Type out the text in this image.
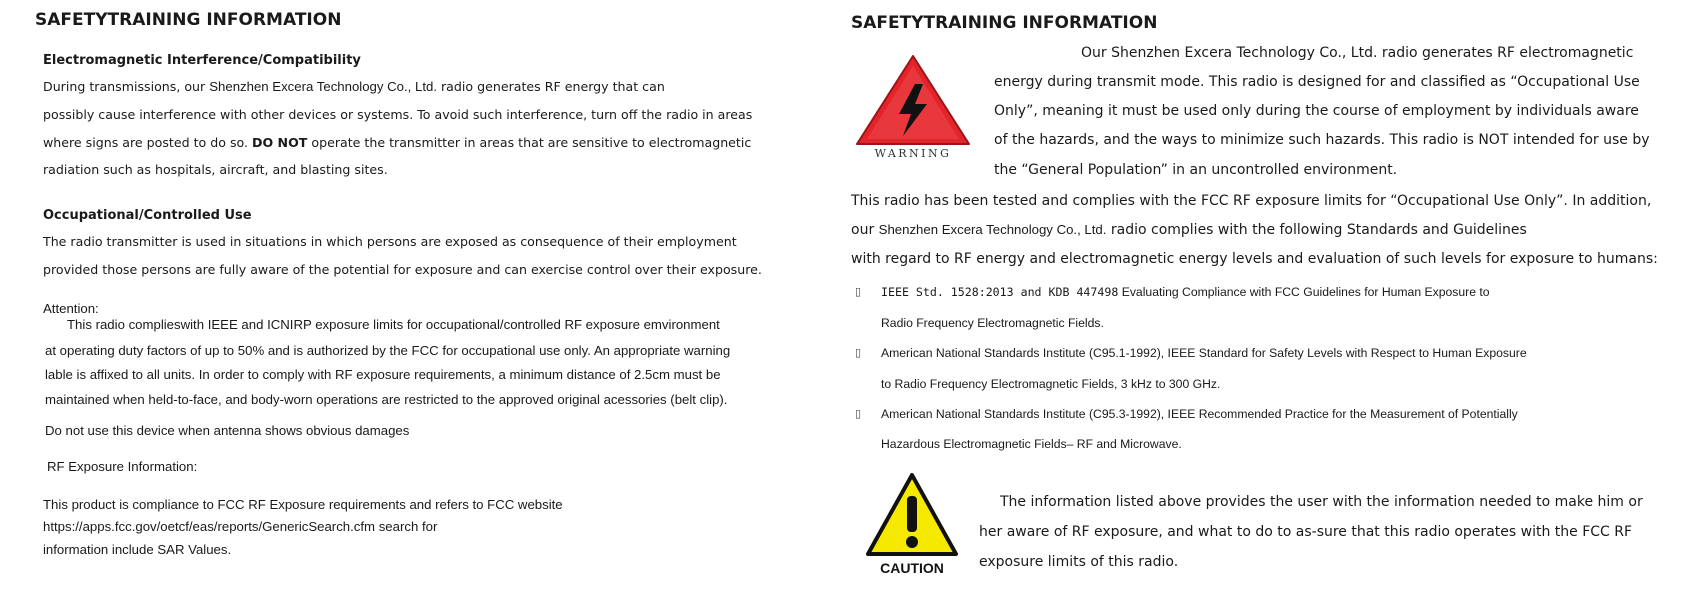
SAFETYTRAINING INFORMATION
Electromagnetic Interference/Compatibility
During transmissions, our Shenzhen Excera Technology Co., Ltd. radio generates RF energy that can
possibly cause interference with other devices or systems. To avoid such interference, turn off the radio in areas
where signs are posted to do so. DO NOT operate the transmitter in areas that are sensitive to electromagnetic
radiation such as hospitals, aircraft, and blasting sites.
Occupational/Controlled Use
The radio transmitter is used in situations in which persons are exposed as consequence of their employment
provided those persons are fully aware of the potential for exposure and can exercise control over their exposure.
Attention:
This radio complieswith IEEE and ICNIRP exposure limits for occupational/controlled RF exposure emvironment
at operating duty factors of up to 50% and is authorized by the FCC for occupational use only. An appropriate warning
lable is affixed to all units. In order to comply with RF exposure requirements, a minimum distance of 2.5cm must be
maintained when held-to-face, and body-worn operations are restricted to the approved original acessories (belt clip).
Do not use this device when antenna shows obvious damages
RF Exposure Information:
This product is compliance to FCC RF Exposure requirements and refers to FCC website
https://apps.fcc.gov/oetcf/eas/reports/GenericSearch.cfm search for
information include SAR Values.
SAFETYTRAINING INFORMATION
WARNING
Our Shenzhen Excera Technology Co., Ltd. radio generates RF electromagnetic
energy during transmit mode. This radio is designed for and classified as “Occupational Use
Only”, meaning it must be used only during the course of employment by individuals aware
of the hazards, and the ways to minimize such hazards. This radio is NOT intended for use by
the “General Population” in an uncontrolled environment.
This radio has been tested and complies with the FCC RF exposure limits for “Occupational Use Only”. In addition,
our Shenzhen Excera Technology Co., Ltd. radio complies with the following Standards and Guidelines
with regard to RF energy and electromagnetic energy levels and evaluation of such levels for exposure to humans:
▯ IEEE Std. 1528:2013 and KDB 447498 Evaluating Compliance with FCC Guidelines for Human Exposure to
Radio Frequency Electromagnetic Fields.
▯ American National Standards Institute (C95.1-1992), IEEE Standard for Safety Levels with Respect to Human Exposure
to Radio Frequency Electromagnetic Fields, 3 kHz to 300 GHz.
▯ American National Standards Institute (C95.3-1992), IEEE Recommended Practice for the Measurement of Potentially
Hazardous Electromagnetic Fields– RF and Microwave.
CAUTION
The information listed above provides the user with the information needed to make him or
her aware of RF exposure, and what to do to as-sure that this radio operates with the FCC RF
exposure limits of this radio.
